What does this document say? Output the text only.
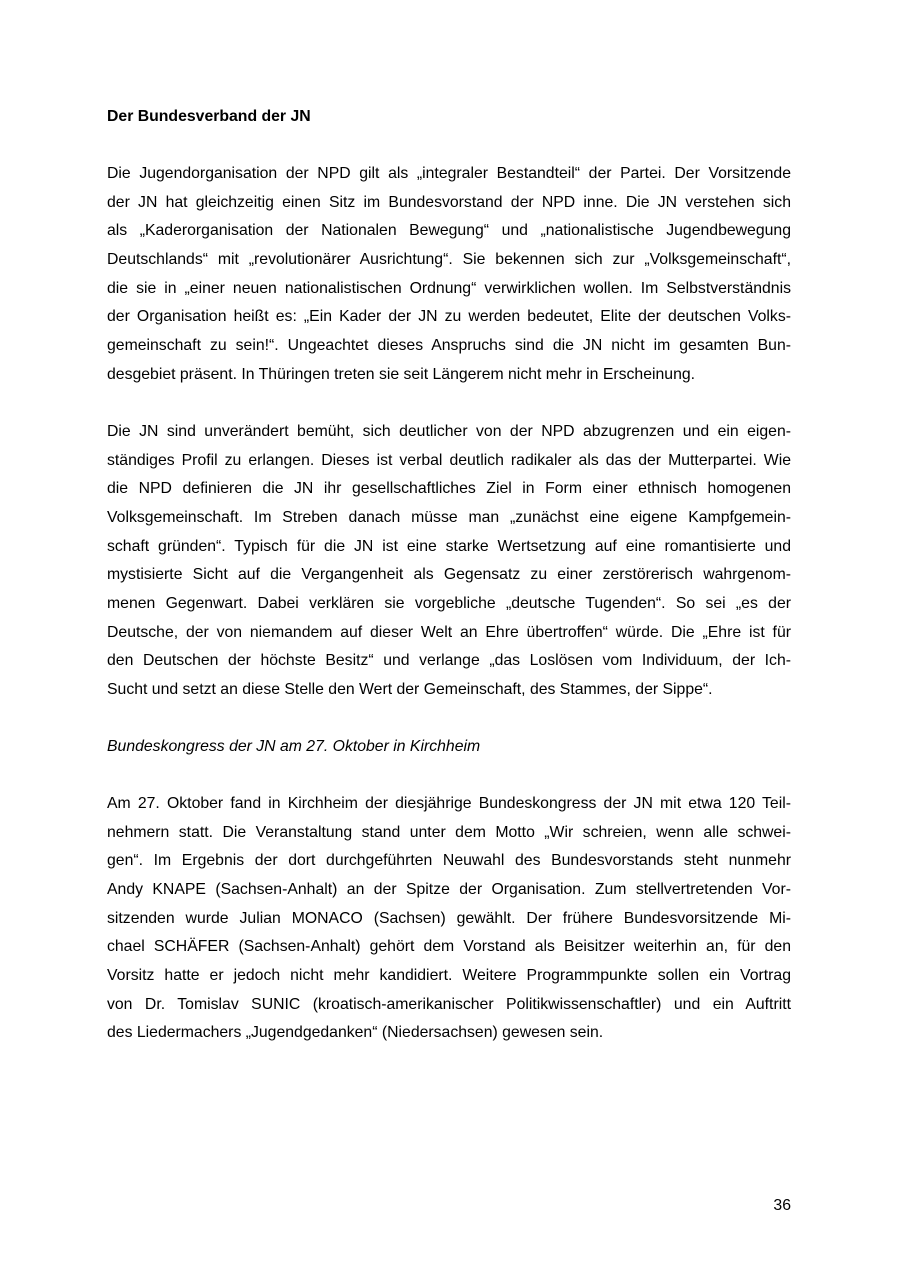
Der Bundesverband der JN
Die Jugendorganisation der NPD gilt als „integraler Bestandteil“ der Partei. Der Vorsitzende
der JN hat gleichzeitig einen Sitz im Bundesvorstand der NPD inne. Die JN verstehen sich
als „Kaderorganisation der Nationalen Bewegung“ und „nationalistische Jugendbewegung
Deutschlands“ mit „revolutionärer Ausrichtung“. Sie bekennen sich zur „Volksgemeinschaft“,
die sie in „einer neuen nationalistischen Ordnung“ verwirklichen wollen. Im Selbstverständnis
der Organisation heißt es: „Ein Kader der JN zu werden bedeutet, Elite der deutschen Volks-
gemeinschaft zu sein!“. Ungeachtet dieses Anspruchs sind die JN nicht im gesamten Bun-
desgebiet präsent. In Thüringen treten sie seit Längerem nicht mehr in Erscheinung.
Die JN sind unverändert bemüht, sich deutlicher von der NPD abzugrenzen und ein eigen-
ständiges Profil zu erlangen. Dieses ist verbal deutlich radikaler als das der Mutterpartei. Wie
die NPD definieren die JN ihr gesellschaftliches Ziel in Form einer ethnisch homogenen
Volksgemeinschaft. Im Streben danach müsse man „zunächst eine eigene Kampfgemein-
schaft gründen“. Typisch für die JN ist eine starke Wertsetzung auf eine romantisierte und
mystisierte Sicht auf die Vergangenheit als Gegensatz zu einer zerstörerisch wahrgenom-
menen Gegenwart. Dabei verklären sie vorgebliche „deutsche Tugenden“. So sei „es der
Deutsche, der von niemandem auf dieser Welt an Ehre übertroffen“ würde. Die „Ehre ist für
den Deutschen der höchste Besitz“ und verlange „das Loslösen vom Individuum, der Ich-
Sucht und setzt an diese Stelle den Wert der Gemeinschaft, des Stammes, der Sippe“.
Bundeskongress der JN am 27. Oktober in Kirchheim
Am 27. Oktober fand in Kirchheim der diesjährige Bundeskongress der JN mit etwa 120 Teil-
nehmern statt. Die Veranstaltung stand unter dem Motto „Wir schreien, wenn alle schwei-
gen“. Im Ergebnis der dort durchgeführten Neuwahl des Bundesvorstands steht nunmehr
Andy KNAPE (Sachsen-Anhalt) an der Spitze der Organisation. Zum stellvertretenden Vor-
sitzenden wurde Julian MONACO (Sachsen) gewählt. Der frühere Bundesvorsitzende Mi-
chael SCHÄFER (Sachsen-Anhalt) gehört dem Vorstand als Beisitzer weiterhin an, für den
Vorsitz hatte er jedoch nicht mehr kandidiert. Weitere Programmpunkte sollen ein Vortrag
von Dr. Tomislav SUNIC (kroatisch-amerikanischer Politikwissenschaftler) und ein Auftritt
des Liedermachers „Jugendgedanken“ (Niedersachsen) gewesen sein.
36
